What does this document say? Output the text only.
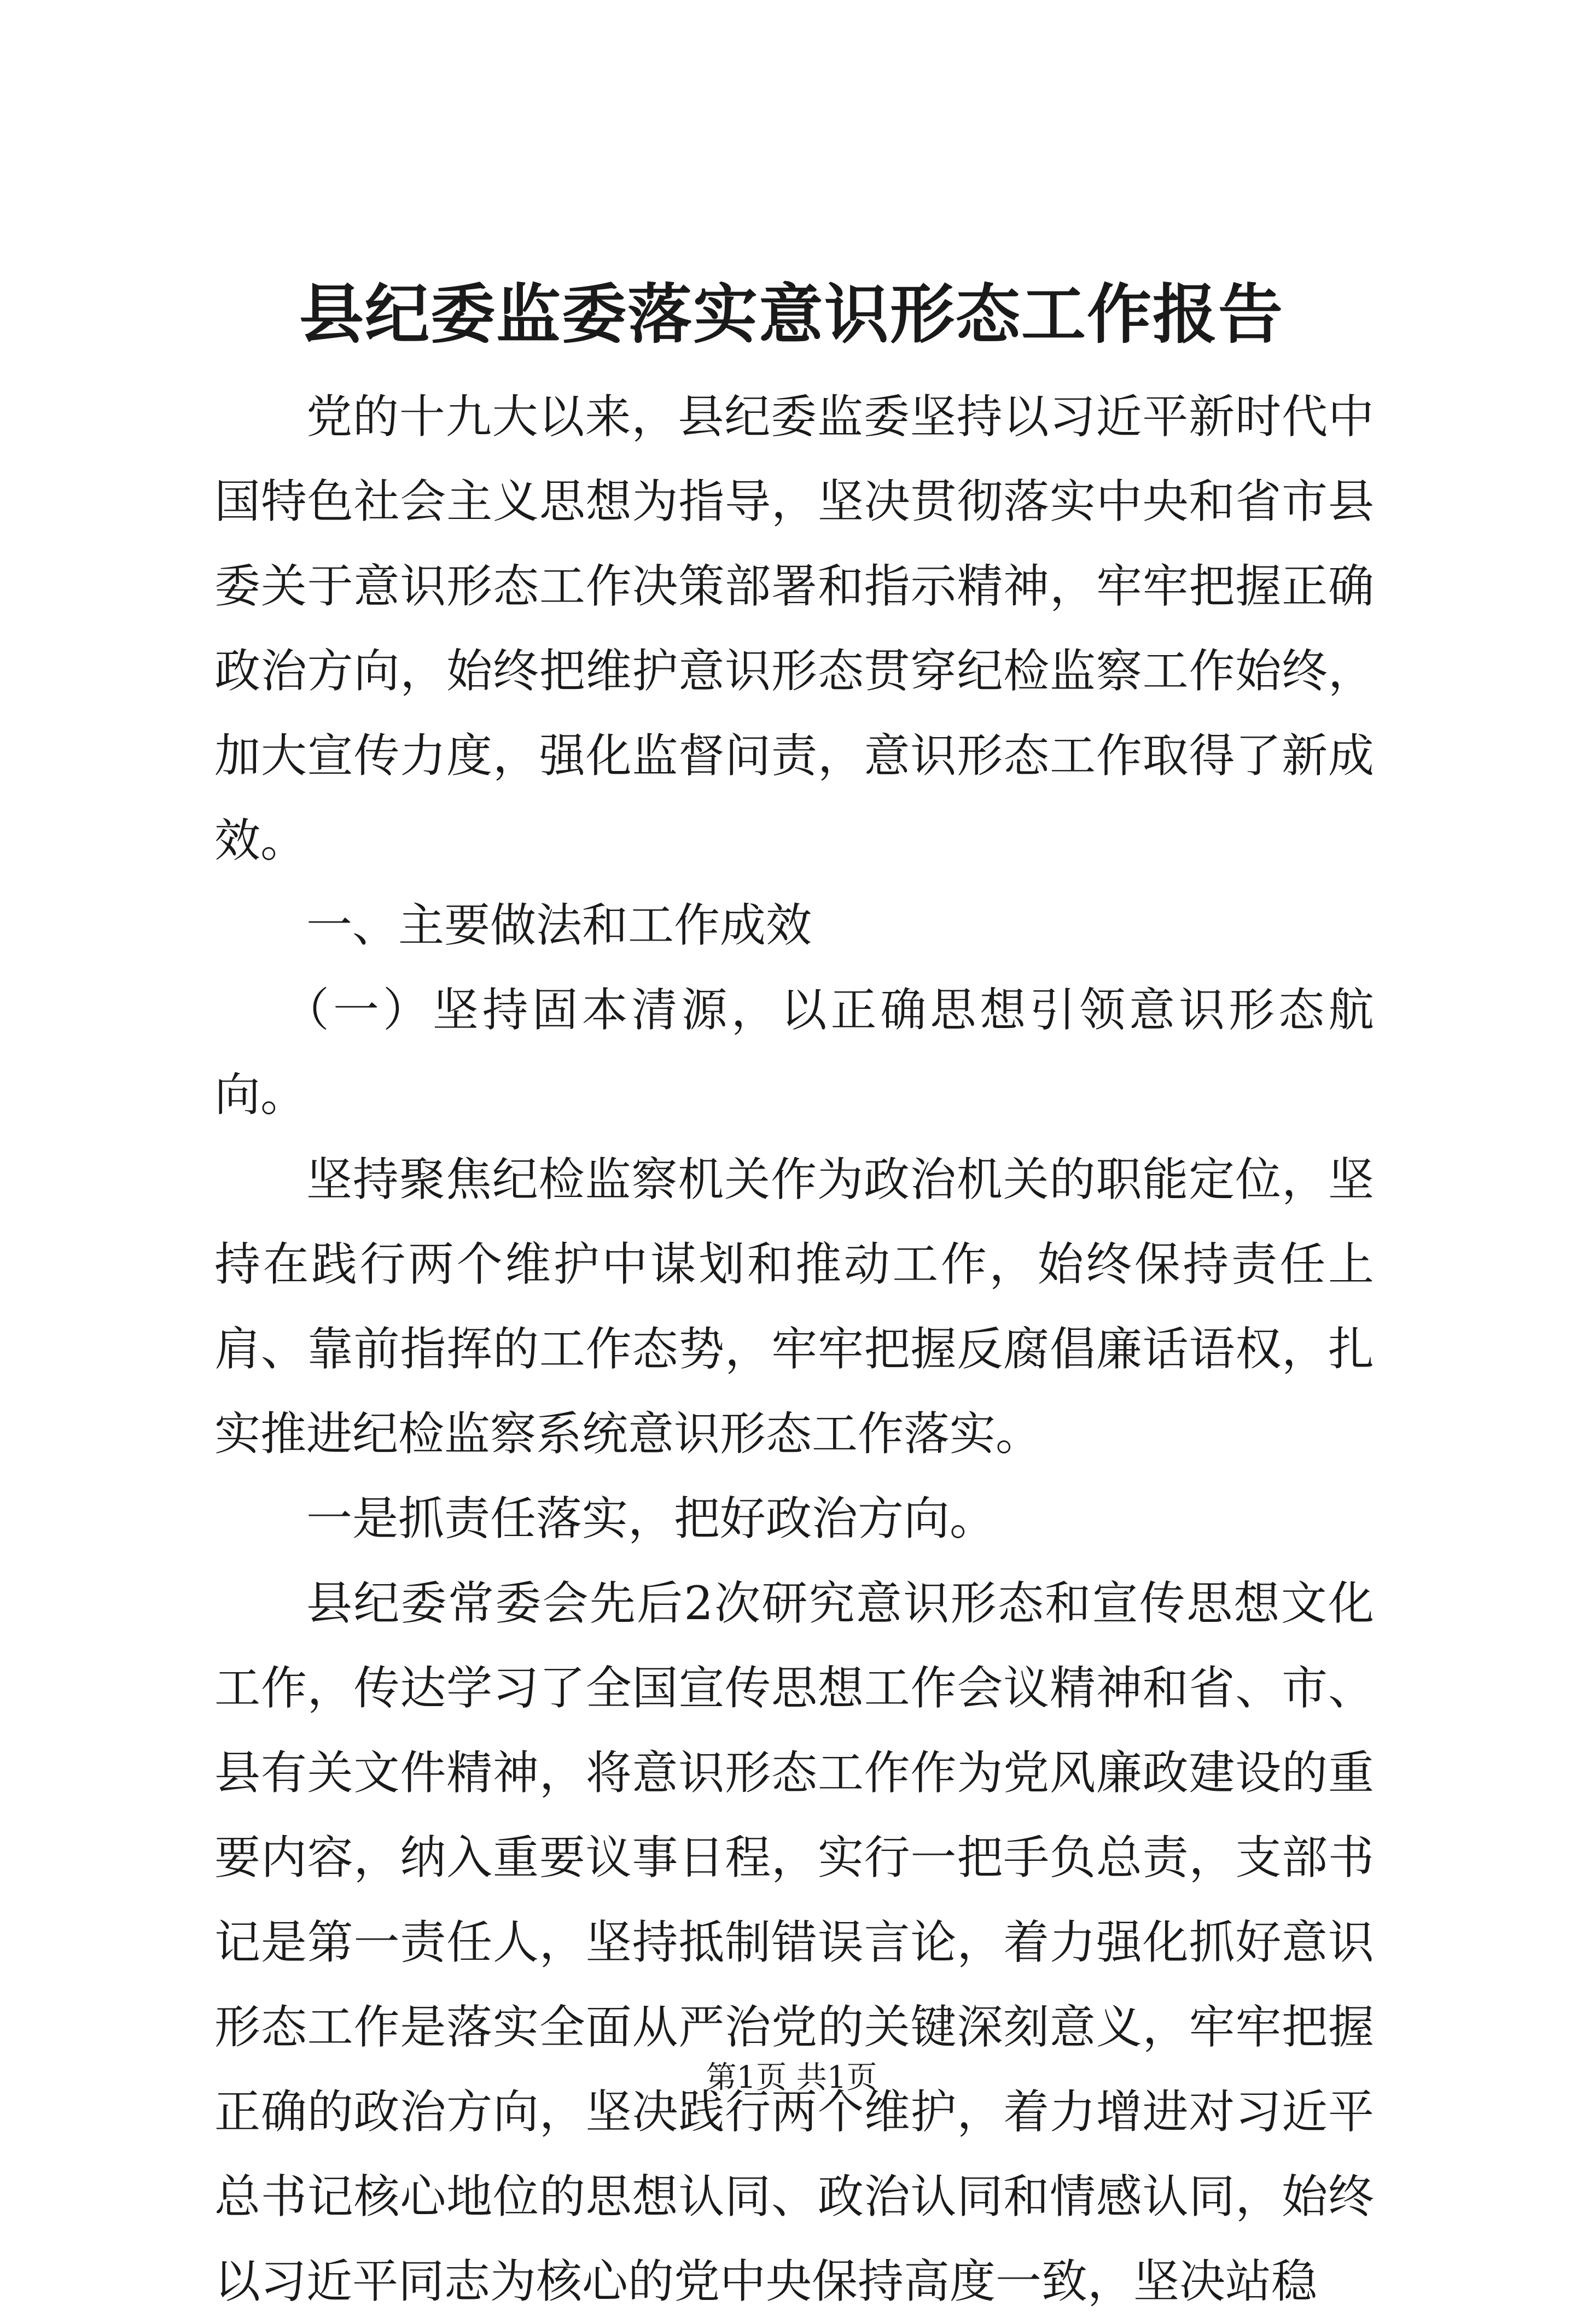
县纪委监委落实意识形态工作报告

党的十九大以来，县纪委监委坚持以习近平新时代中国特色社会主义思想为指导，坚决贯彻落实中央和省市县委关于意识形态工作决策部署和指示精神，牢牢把握正确政治方向，始终把维护意识形态贯穿纪检监察工作始终，加大宣传力度，强化监督问责，意识形态工作取得了新成效。

一、主要做法和工作成效

（一）坚持固本清源，以正确思想引领意识形态航向。

坚持聚焦纪检监察机关作为政治机关的职能定位，坚持在践行两个维护中谋划和推动工作，始终保持责任上肩、靠前指挥的工作态势，牢牢把握反腐倡廉话语权，扎实推进纪检监察系统意识形态工作落实。

一是抓责任落实，把好政治方向。

县纪委常委会先后2次研究意识形态和宣传思想文化工作，传达学习了全国宣传思想工作会议精神和省、市、县有关文件精神，将意识形态工作作为党风廉政建设的重要内容，纳入重要议事日程，实行一把手负总责，支部书记是第一责任人，坚持抵制错误言论，着力强化抓好意识形态工作是落实全面从严治党的关键深刻意义，牢牢把握正确的政治方向，坚决践行两个维护，着力增进对习近平总书记核心地位的思想认同、政治认同和情感认同，始终以习近平同志为核心的党中央保持高度一致，坚决站稳

第1页 共1页
